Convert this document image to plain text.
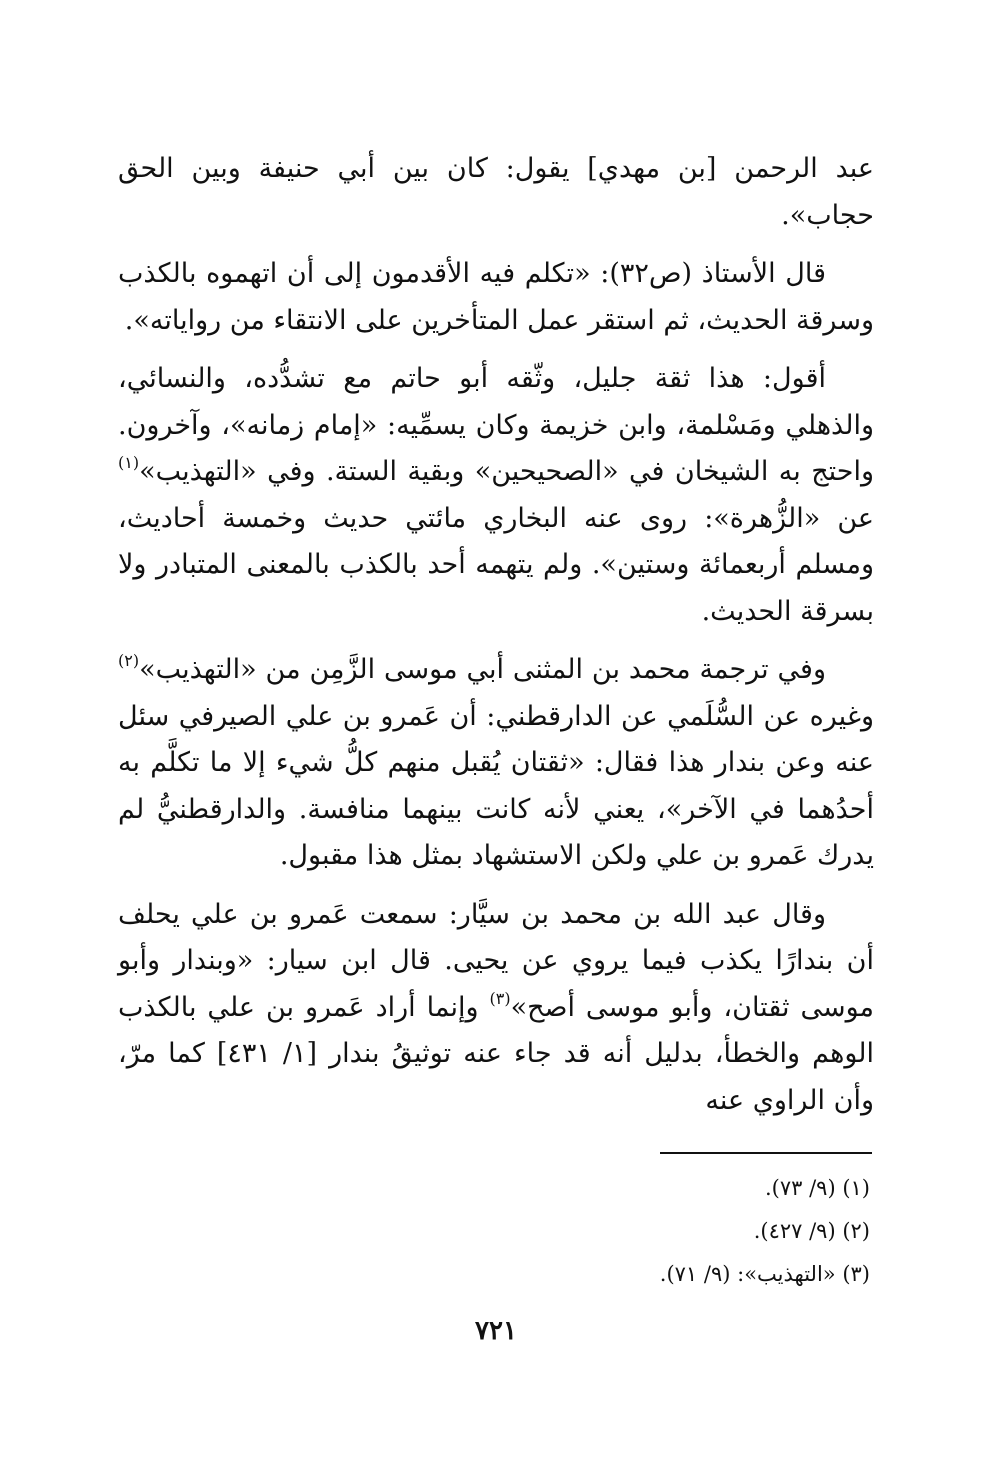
عبد الرحمن [بن مهدي] يقول: كان بين أبي حنيفة وبين الحق حجاب».

قال الأستاذ (ص٣٢): «تكلم فيه الأقدمون إلى أن اتهموه بالكذب وسرقة الحديث، ثم استقر عمل المتأخرين على الانتقاء من رواياته».

أقول: هذا ثقة جليل، وثّقه أبو حاتم مع تشدُّده، والنسائي، والذهلي ومَسْلمة، وابن خزيمة وكان يسمِّيه: «إمام زمانه»، وآخرون. واحتج به الشيخان في «الصحيحين» وبقية الستة. وفي «التهذيب»$^{(١)}$ عن «الزُّهرة»: روى عنه البخاري مائتي حديث وخمسة أحاديث، ومسلم أربعمائة وستين». ولم يتهمه أحد بالكذب بالمعنى المتبادر ولا بسرقة الحديث.

وفي ترجمة محمد بن المثنى أبي موسى الزَّمِن من «التهذيب»$^{(٢)}$ وغيره عن السُّلَمي عن الدارقطني: أن عَمرو بن علي الصيرفي سئل عنه وعن بندار هذا فقال: «ثقتان يُقبل منهم كلُّ شيء إلا ما تكلَّم به أحدُهما في الآخر»، يعني لأنه كانت بينهما منافسة. والدارقطنيُّ لم يدرك عَمرو بن علي ولكن الاستشهاد بمثل هذا مقبول.

وقال عبد الله بن محمد بن سيَّار: سمعت عَمرو بن علي يحلف أن بندارًا يكذب فيما يروي عن يحيى. قال ابن سيار: «وبندار وأبو موسى ثقتان، وأبو موسى أصح»$^{(٣)}$ وإنما أراد عَمرو بن علي بالكذب الوهم والخطأ، بدليل أنه قد جاء عنه توثيقُ بندار [١/ ٤٣١] كما مرّ، وأن الراوي عنه

(١) (٩/ ٧٣).
(٢) (٩/ ٤٢٧).
(٣) «التهذيب»: (٩/ ٧١).
٧٢١
